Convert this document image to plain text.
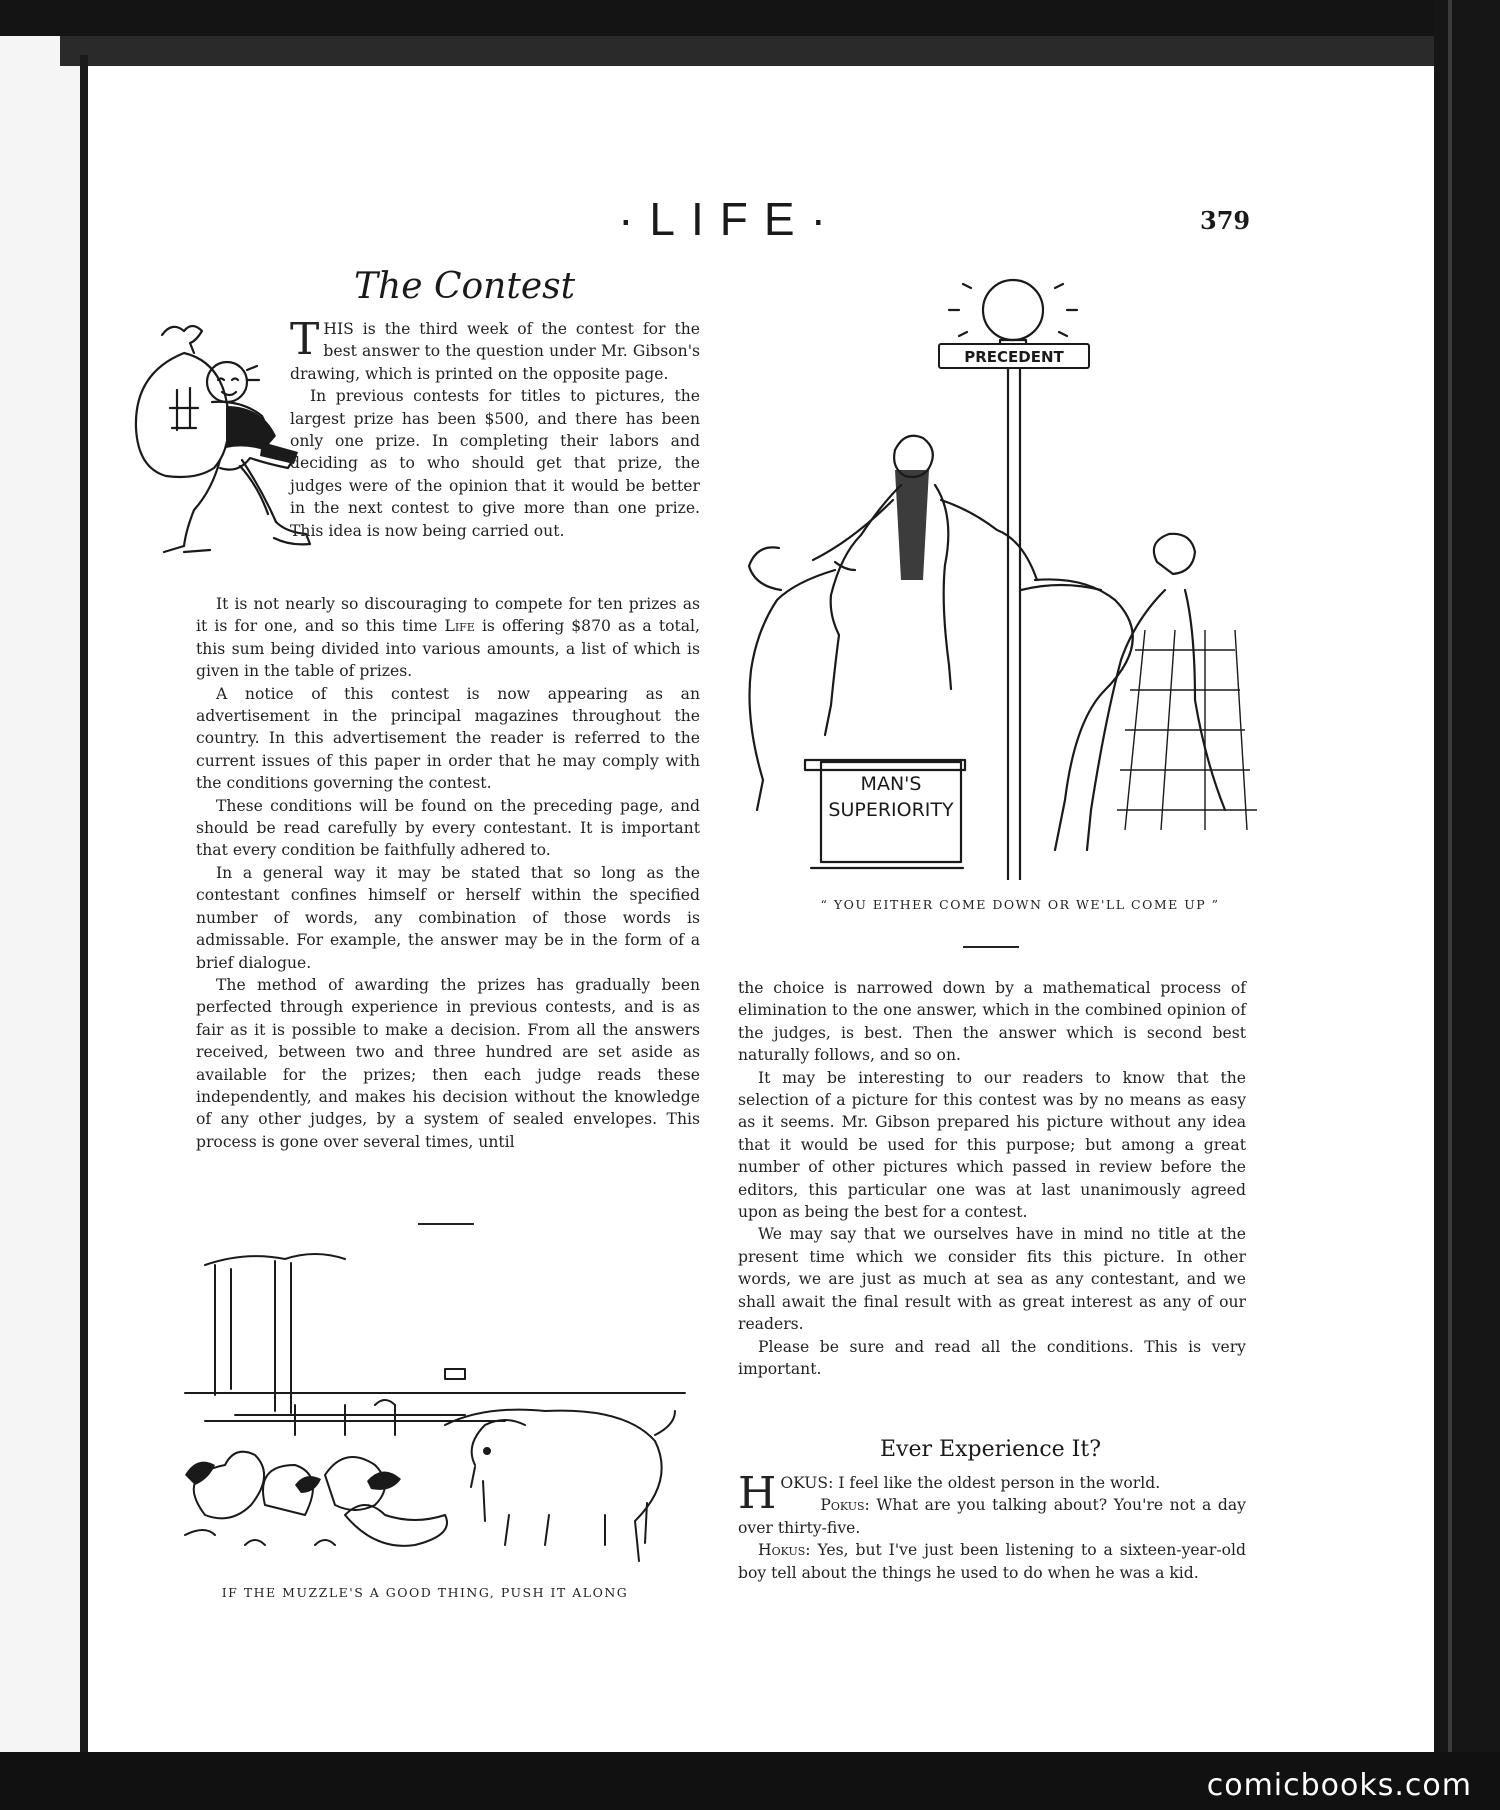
·LIFE·	379
The Contest

THIS is the third week of the contest for the best answer to the question under Mr. Gibson's drawing, which is printed on the opposite page.

In previous contests for titles to pictures, the largest prize has been $500, and there has been only one prize. In completing their labors and deciding as to who should get that prize, the judges were of the opinion that it would be better in the next contest to give more than one prize. This idea is now being carried out.

It is not nearly so discouraging to compete for ten prizes as it is for one, and so this time Life is offering $870 as a total, this sum being divided into various amounts, a list of which is given in the table of prizes.

A notice of this contest is now appearing as an advertisement in the principal magazines throughout the country. In this advertisement the reader is referred to the current issues of this paper in order that he may comply with the conditions governing the contest.

These conditions will be found on the preceding page, and should be read carefully by every contestant. It is important that every condition be faithfully adhered to.

In a general way it may be stated that so long as the contestant confines himself or herself within the specified number of words, any combination of those words is admissable. For example, the answer may be in the form of a brief dialogue.

The method of awarding the prizes has gradually been perfected through experience in previous contests, and is as fair as it is possible to make a decision. From all the answers received, between two and three hundred are set aside as available for the prizes; then each judge reads these independently, and makes his decision without the knowledge of any other judges, by a system of sealed envelopes. This process is gone over several times, until

PRECEDENT
MAN'S
SUPERIORITY
“ YOU EITHER COME DOWN OR WE'LL COME UP ”
IF THE MUZZLE'S A GOOD THING, PUSH IT ALONG

the choice is narrowed down by a mathematical process of elimination to the one answer, which in the combined opinion of the judges, is best. Then the answer which is second best naturally follows, and so on.

It may be interesting to our readers to know that the selection of a picture for this contest was by no means as easy as it seems. Mr. Gibson prepared his picture without any idea that it would be used for this purpose; but among a great number of other pictures which passed in review before the editors, this particular one was at last unanimously agreed upon as being the best for a contest.

We may say that we ourselves have in mind no title at the present time which we consider fits this picture. In other words, we are just as much at sea as any contestant, and we shall await the final result with as great interest as any of our readers.

Please be sure and read all the conditions. This is very important.

Ever Experience It?

HOKUS: I feel like the oldest person in the world.

Pokus: What are you talking about? You're not a day over thirty-five.

Hokus: Yes, but I've just been listening to a sixteen-year-old boy tell about the things he used to do when he was a kid.

comicbooks.com
